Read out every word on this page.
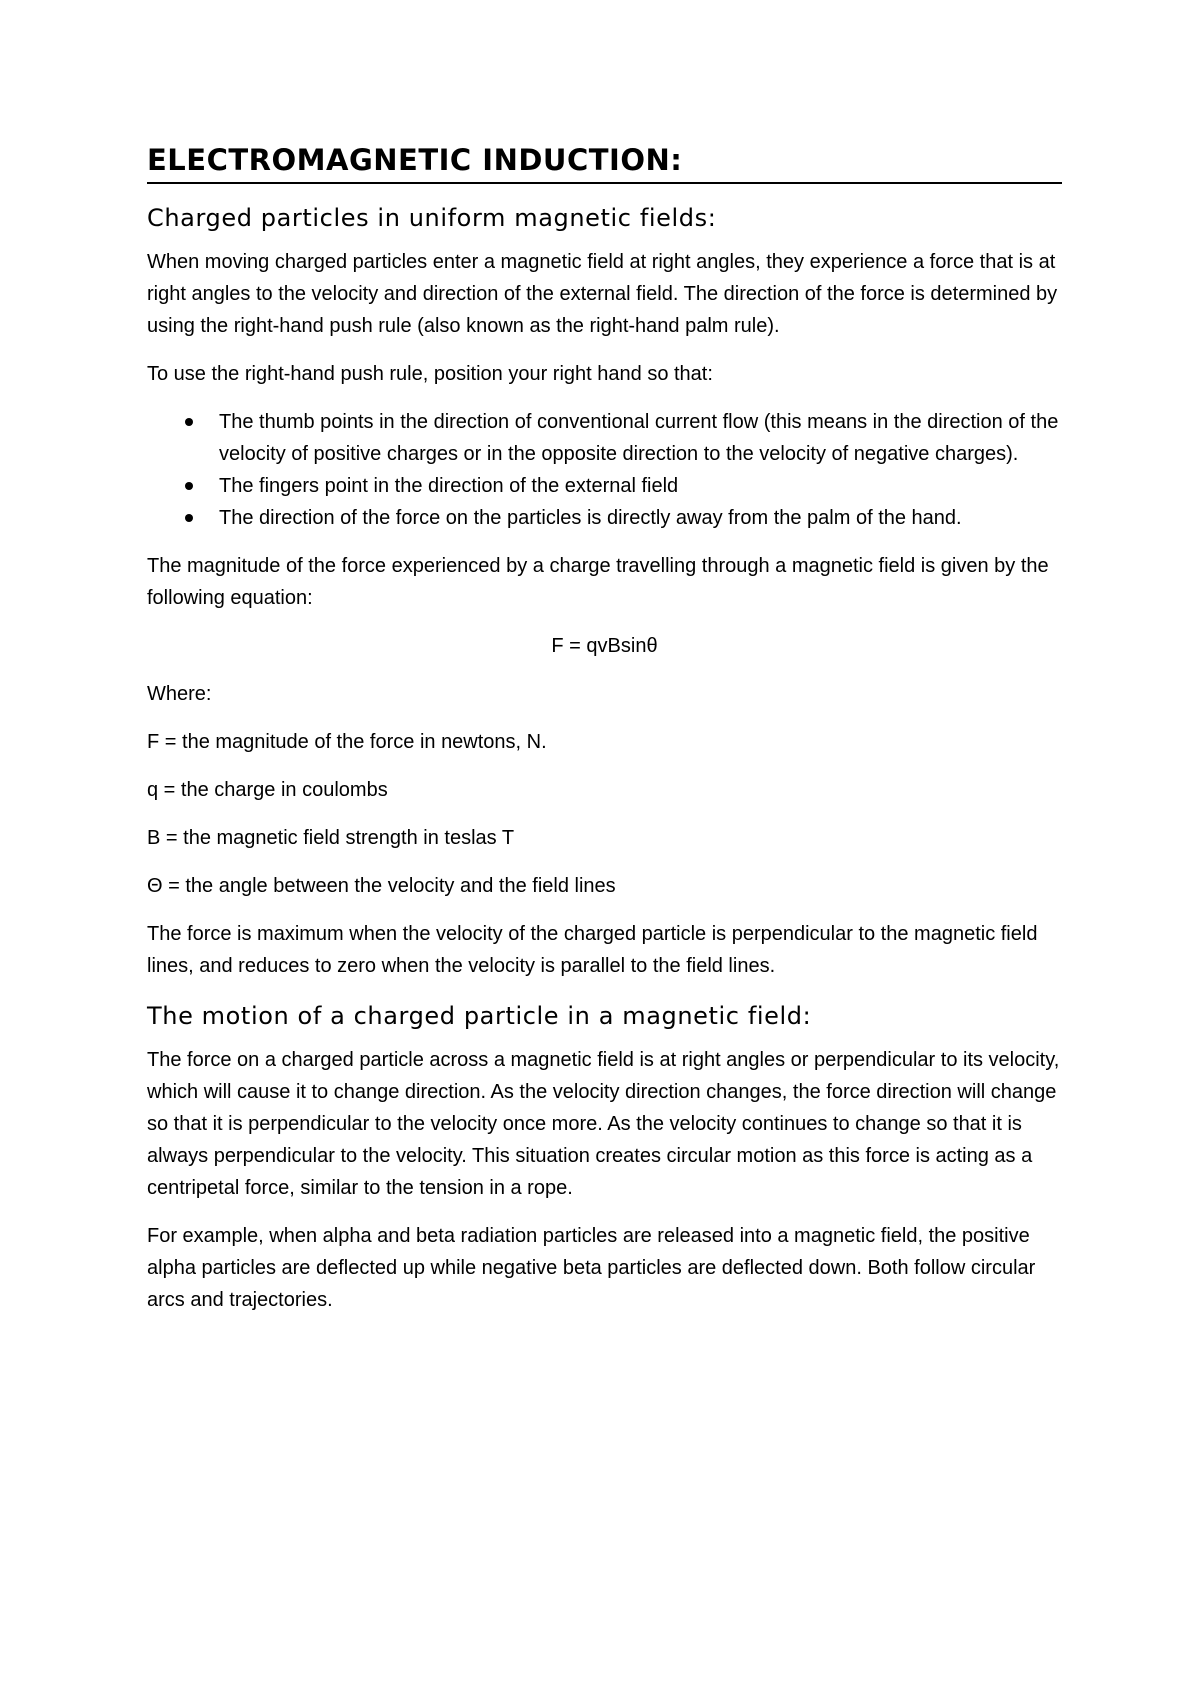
ELECTROMAGNETIC INDUCTION:
Charged particles in uniform magnetic fields:

When moving charged particles enter a magnetic field at right angles, they experience a force that is at right angles to the velocity and direction of the external field. The direction of the force is determined by using the right-hand push rule (also known as the right-hand palm rule).

To use the right-hand push rule, position your right hand so that:

The thumb points in the direction of conventional current flow (this means in the direction of the velocity of positive charges or in the opposite direction to the velocity of negative charges).
The fingers point in the direction of the external field
The direction of the force on the particles is directly away from the palm of the hand.

The magnitude of the force experienced by a charge travelling through a magnetic field is given by the following equation:

F = qvBsinθ

Where:

F = the magnitude of the force in newtons, N.

q = the charge in coulombs

B = the magnetic field strength in teslas T

Θ = the angle between the velocity and the field lines

The force is maximum when the velocity of the charged particle is perpendicular to the magnetic field lines, and reduces to zero when the velocity is parallel to the field lines.

The motion of a charged particle in a magnetic field:

The force on a charged particle across a magnetic field is at right angles or perpendicular to its velocity, which will cause it to change direction. As the velocity direction changes, the force direction will change so that it is perpendicular to the velocity once more. As the velocity continues to change so that it is always perpendicular to the velocity. This situation creates circular motion as this force is acting as a centripetal force, similar to the tension in a rope.

For example, when alpha and beta radiation particles are released into a magnetic field, the positive alpha particles are deflected up while negative beta particles are deflected down. Both follow circular arcs and trajectories.
